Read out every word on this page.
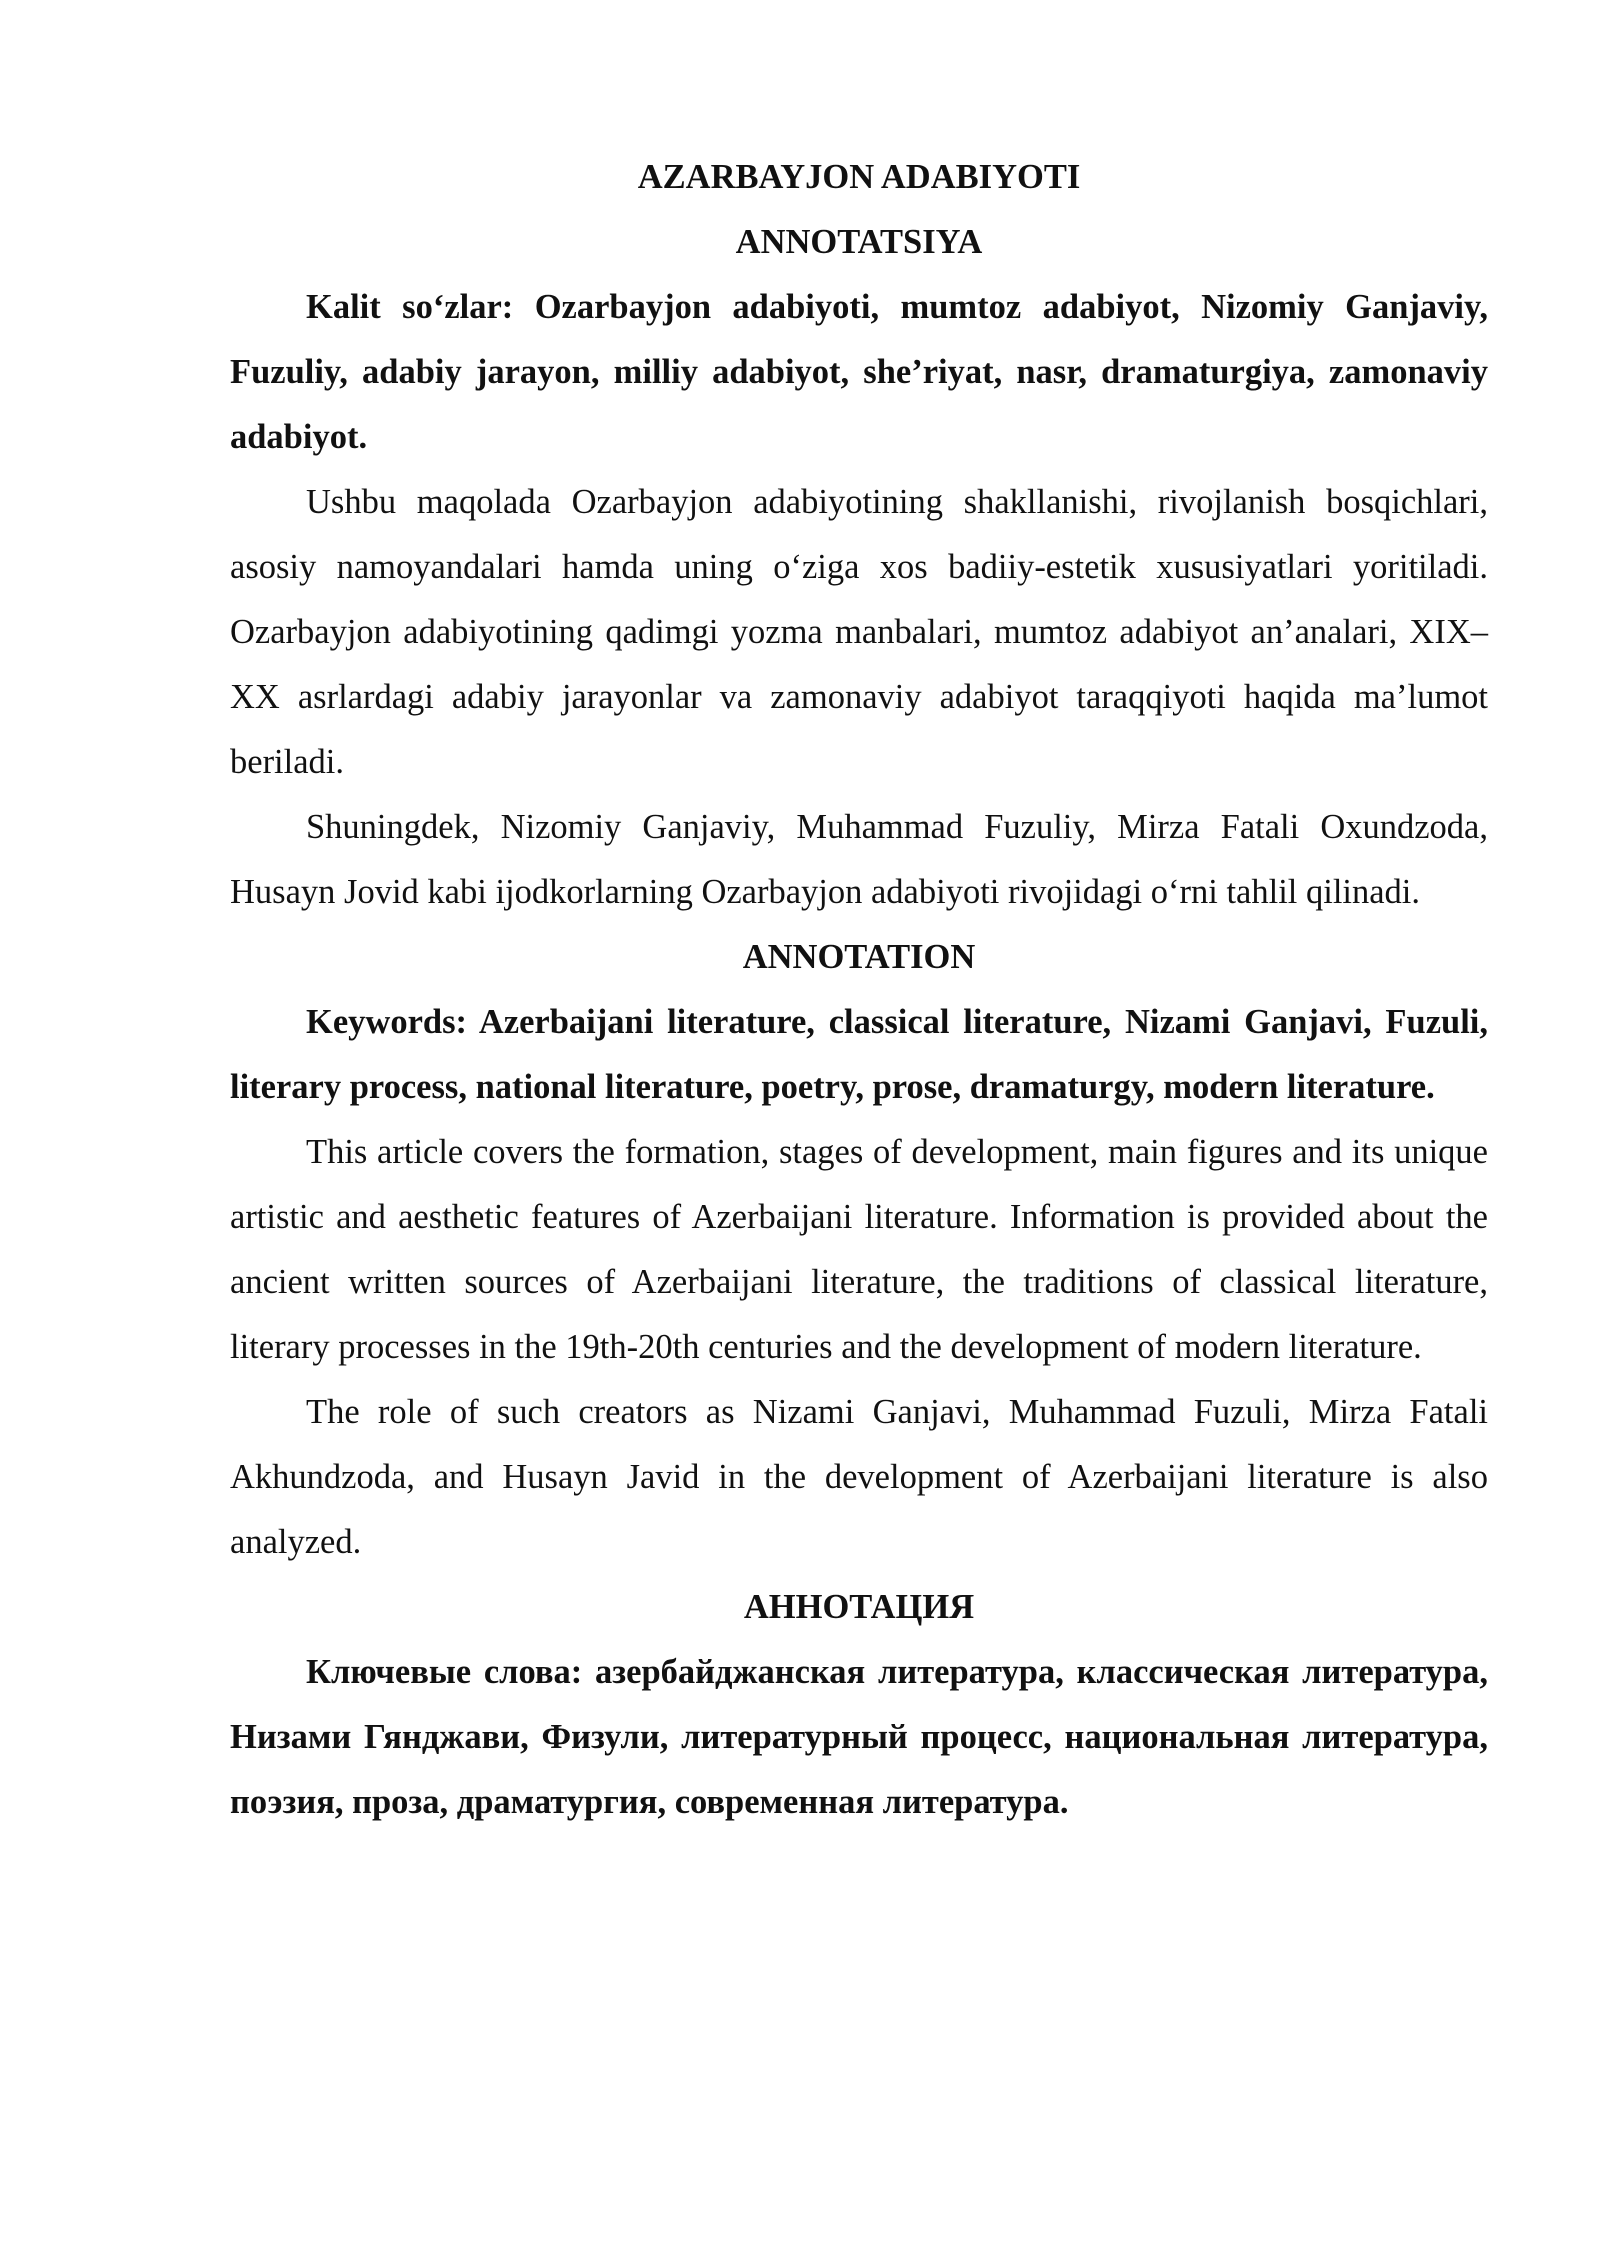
AZARBAYJON ADABIYOTI

ANNOTATSIYA

Kalit so‘zlar: Ozarbayjon adabiyoti, mumtoz adabiyot, Nizomiy Ganjaviy, Fuzuliy, adabiy jarayon, milliy adabiyot, she’riyat, nasr, dramaturgiya, zamonaviy adabiyot.

Ushbu maqolada Ozarbayjon adabiyotining shakllanishi, rivojlanish bosqichlari, asosiy namoyandalari hamda uning o‘ziga xos badiiy-estetik xususiyatlari yoritiladi. Ozarbayjon adabiyotining qadimgi yozma manbalari, mumtoz adabiyot an’analari, XIX–XX asrlardagi adabiy jarayonlar va zamonaviy adabiyot taraqqiyoti haqida ma’lumot beriladi.

Shuningdek, Nizomiy Ganjaviy, Muhammad Fuzuliy, Mirza Fatali Oxundzoda, Husayn Jovid kabi ijodkorlarning Ozarbayjon adabiyoti rivojidagi o‘rni tahlil qilinadi.

ANNOTATION

Keywords: Azerbaijani literature, classical literature, Nizami Ganjavi, Fuzuli, literary process, national literature, poetry, prose, dramaturgy, modern literature.

This article covers the formation, stages of development, main figures and its unique artistic and aesthetic features of Azerbaijani literature. Information is provided about the ancient written sources of Azerbaijani literature, the traditions of classical literature, literary processes in the 19th-20th centuries and the development of modern literature.

The role of such creators as Nizami Ganjavi, Muhammad Fuzuli, Mirza Fatali Akhundzoda, and Husayn Javid in the development of Azerbaijani literature is also analyzed.

АННОТАЦИЯ

Ключевые слова: азербайджанская литература, классическая литература, Низами Гянджави, Физули, литературный процесс, национальная литература, поэзия, проза, драматургия, современная литература.
